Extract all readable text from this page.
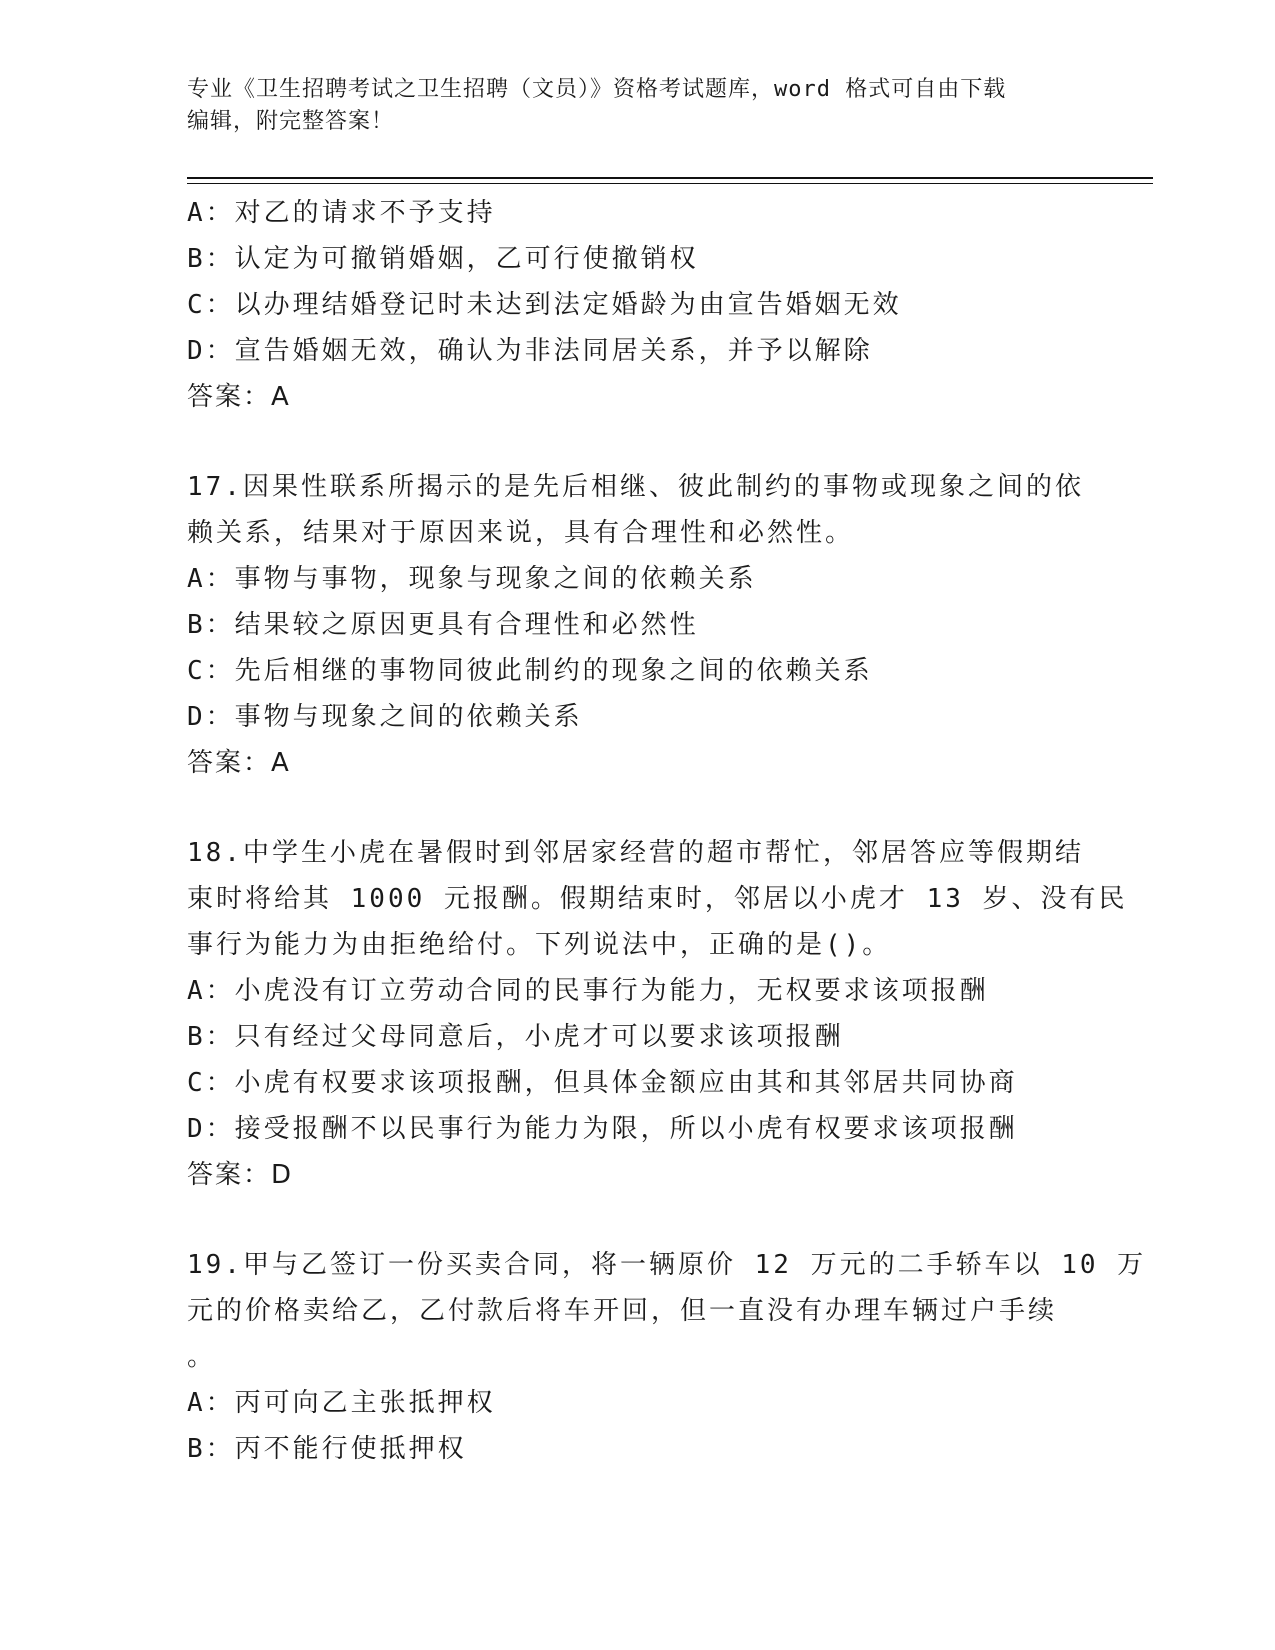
专业《卫生招聘考试之卫生招聘（文员）》资格考试题库，word 格式可自由下载
编辑，附完整答案！
A：对乙的请求不予支持
B：认定为可撤销婚姻，乙可行使撤销权
C：以办理结婚登记时未达到法定婚龄为由宣告婚姻无效
D：宣告婚姻无效，确认为非法同居关系，并予以解除
答案：A
17.因果性联系所揭示的是先后相继、彼此制约的事物或现象之间的依
赖关系，结果对于原因来说，具有合理性和必然性。
A：事物与事物，现象与现象之间的依赖关系
B：结果较之原因更具有合理性和必然性
C：先后相继的事物同彼此制约的现象之间的依赖关系
D：事物与现象之间的依赖关系
答案：A
18.中学生小虎在暑假时到邻居家经营的超市帮忙，邻居答应等假期结
束时将给其 1000 元报酬。假期结束时，邻居以小虎才 13 岁、没有民
事行为能力为由拒绝给付。下列说法中，正确的是()。
A：小虎没有订立劳动合同的民事行为能力，无权要求该项报酬
B：只有经过父母同意后，小虎才可以要求该项报酬
C：小虎有权要求该项报酬，但具体金额应由其和其邻居共同协商
D：接受报酬不以民事行为能力为限，所以小虎有权要求该项报酬
答案：D
19.甲与乙签订一份买卖合同，将一辆原价 12 万元的二手轿车以 10 万
元的价格卖给乙，乙付款后将车开回，但一直没有办理车辆过户手续
。
A：丙可向乙主张抵押权
B：丙不能行使抵押权
